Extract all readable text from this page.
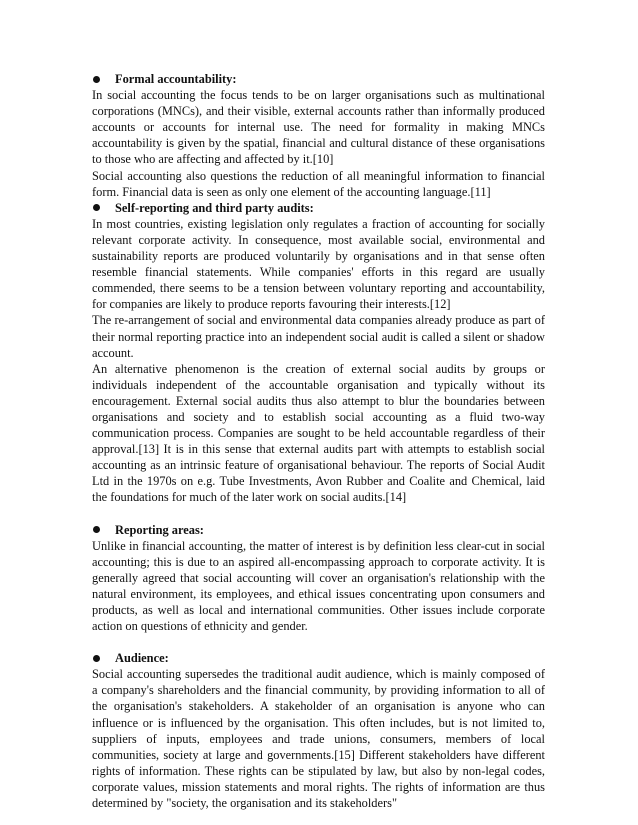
Formal accountability:

In social accounting the focus tends to be on larger organisations such as multinational corporations (MNCs), and their visible, external accounts rather than informally produced accounts or accounts for internal use. The need for formality in making MNCs accountability is given by the spatial, financial and cultural distance of these organisations to those who are affecting and affected by it.[10]

Social accounting also questions the reduction of all meaningful information to financial form. Financial data is seen as only one element of the accounting language.[11]

Self-reporting and third party audits:

In most countries, existing legislation only regulates a fraction of accounting for socially relevant corporate activity. In consequence, most available social, environmental and sustainability reports are produced voluntarily by organisations and in that sense often resemble financial statements. While companies' efforts in this regard are usually commended, there seems to be a tension between voluntary reporting and accountability, for companies are likely to produce reports favouring their interests.[12]

The re-arrangement of social and environmental data companies already produce as part of their normal reporting practice into an independent social audit is called a silent or shadow account.

An alternative phenomenon is the creation of external social audits by groups or individuals independent of the accountable organisation and typically without its encouragement. External social audits thus also attempt to blur the boundaries between organisations and society and to establish social accounting as a fluid two-way communication process. Companies are sought to be held accountable regardless of their approval.[13] It is in this sense that external audits part with attempts to establish social accounting as an intrinsic feature of organisational behaviour. The reports of Social Audit Ltd in the 1970s on e.g. Tube Investments, Avon Rubber and Coalite and Chemical, laid the foundations for much of the later work on social audits.[14]

Reporting areas:

Unlike in financial accounting, the matter of interest is by definition less clear-cut in social accounting; this is due to an aspired all-encompassing approach to corporate activity. It is generally agreed that social accounting will cover an organisation's relationship with the natural environment, its employees, and ethical issues concentrating upon consumers and products, as well as local and international communities. Other issues include corporate action on questions of ethnicity and gender.

Audience:

Social accounting supersedes the traditional audit audience, which is mainly composed of a company's shareholders and the financial community, by providing information to all of the organisation's stakeholders. A stakeholder of an organisation is anyone who can influence or is influenced by the organisation. This often includes, but is not limited to, suppliers of inputs, employees and trade unions, consumers, members of local communities, society at large and governments.[15] Different stakeholders have different rights of information. These rights can be stipulated by law, but also by non-legal codes, corporate values, mission statements and moral rights. The rights of information are thus determined by "society, the organisation and its stakeholders"
